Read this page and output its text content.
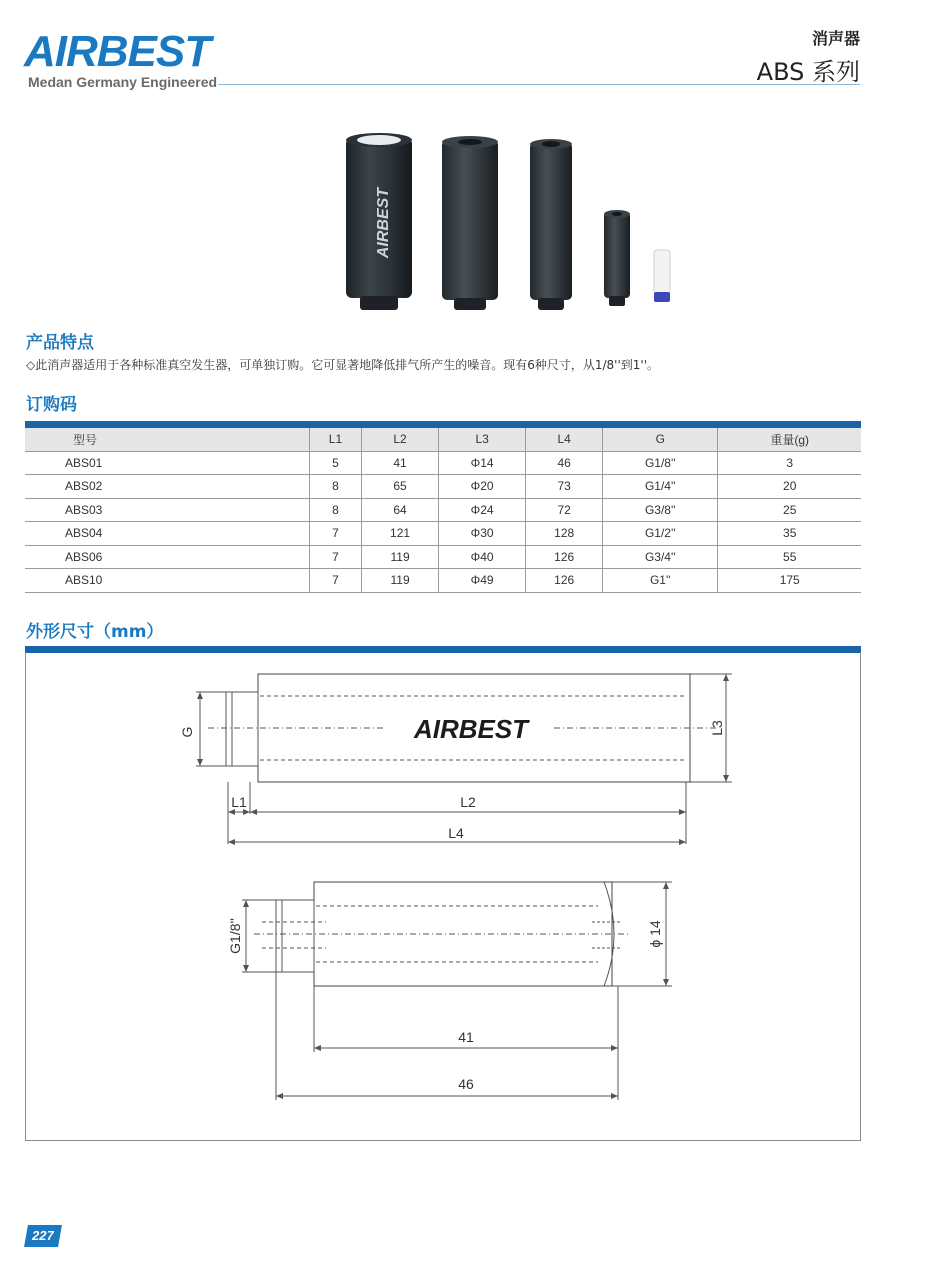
AIRBEST
Medan Germany Engineered
消声器
ABS 系列
AIRBEST
产品特点
◇此消声器适用于各种标准真空发生器，可单独订购。它可显著地降低排气所产生的噪音。现有6种尺寸，从1/8''到1''。
订购码
型号	L1	L2	L3	L4	G	重量(g)
ABS01	5	41	Φ14	46	G1/8''	3
ABS02	8	65	Φ20	73	G1/4''	20
ABS03	8	64	Φ24	72	G3/8''	25
ABS04	7	121	Φ30	128	G1/2''	35
ABS06	7	119	Φ40	126	G3/4''	55
ABS10	7	119	Φ49	126	G1''	175
外形尺寸（mm）
AIRBEST
G	L3
L1	L2
L4
G1/8''	ϕ 14
41
46
227
